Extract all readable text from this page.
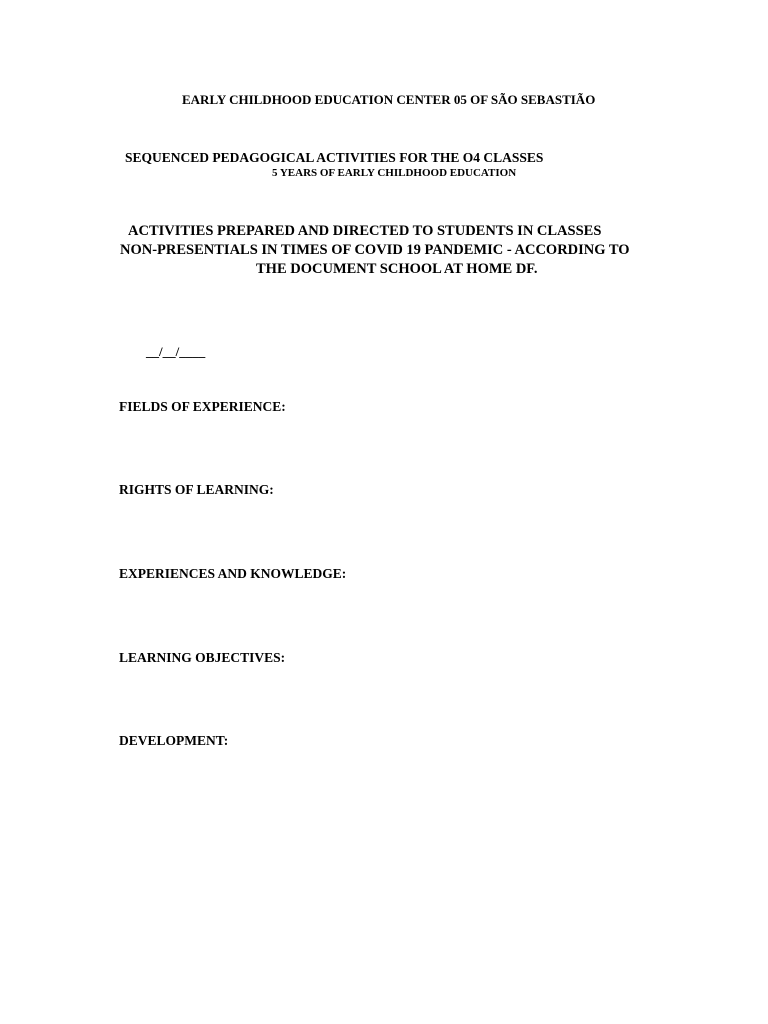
EARLY CHILDHOOD EDUCATION CENTER 05 OF SÃO SEBASTIÃO
SEQUENCED PEDAGOGICAL ACTIVITIES FOR THE O4 CLASSES
5 YEARS OF EARLY CHILDHOOD EDUCATION
ACTIVITIES PREPARED AND DIRECTED TO STUDENTS IN CLASSES
NON-PRESENTIALS IN TIMES OF COVID 19 PANDEMIC - ACCORDING TO
THE DOCUMENT SCHOOL AT HOME DF.
__/__/____
FIELDS OF EXPERIENCE:
RIGHTS OF LEARNING:
EXPERIENCES AND KNOWLEDGE:
LEARNING OBJECTIVES:
DEVELOPMENT:
